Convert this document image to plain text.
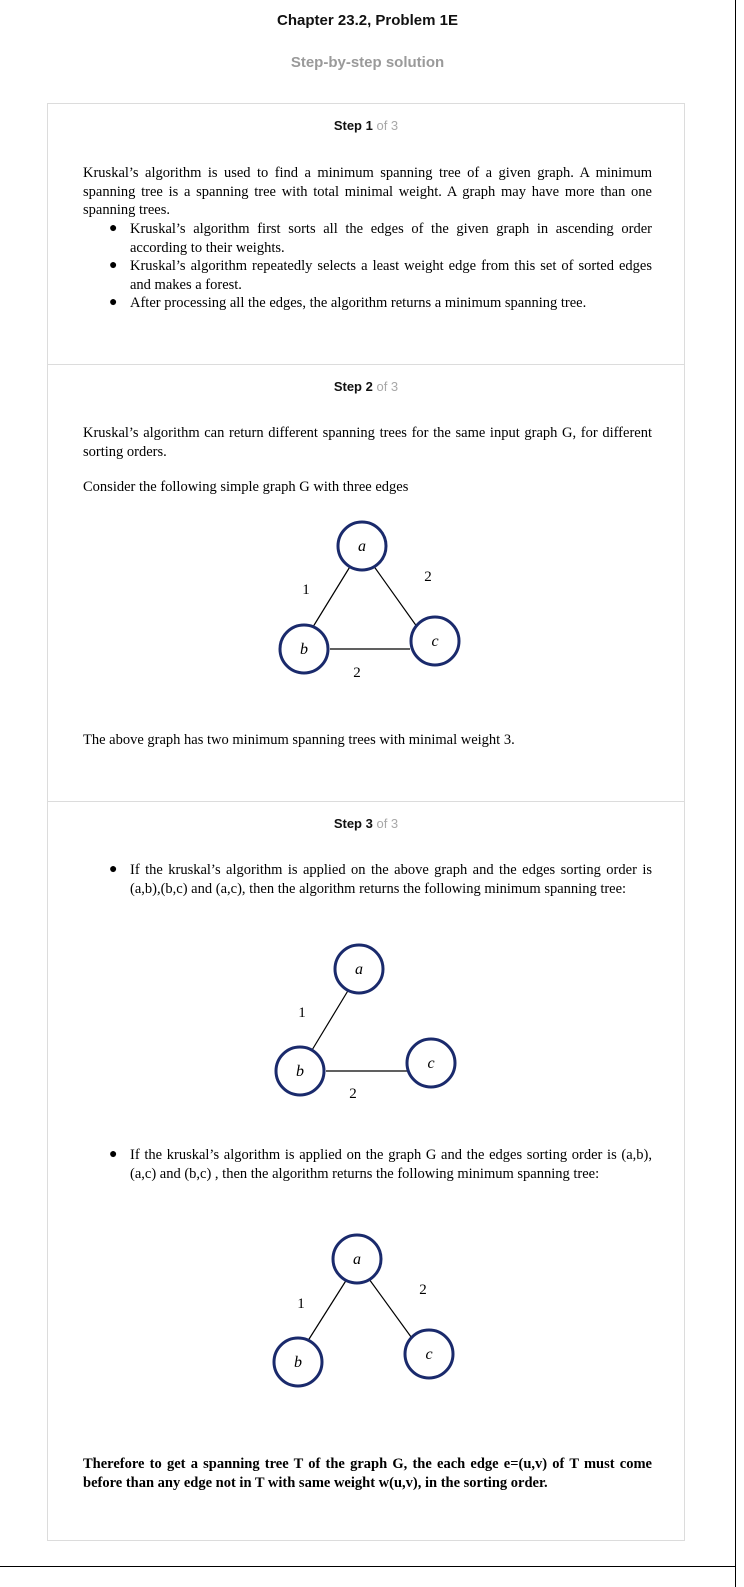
Chapter 23.2, Problem 1E
Step-by-step solution
Step 1 of 3
Kruskal’s algorithm is used to find a minimum spanning tree of a given graph. A minimum spanning tree is a spanning tree with total minimal weight. A graph may have more than one spanning trees.
● Kruskal’s algorithm first sorts all the edges of the given graph in ascending order according to their weights.
● Kruskal’s algorithm repeatedly selects a least weight edge from this set of sorted edges and makes a forest.
● After processing all the edges, the algorithm returns a minimum spanning tree.
Step 2 of 3
Kruskal’s algorithm can return different spanning trees for the same input graph G, for different sorting orders.
Consider the following simple graph G with three edges
a
b	c
1
2
2
The above graph has two minimum spanning trees with minimal weight 3.
Step 3 of 3
● If the kruskal’s algorithm is applied on the above graph and the edges sorting order is (a,b),(b,c) and (a,c), then the algorithm returns the following minimum spanning tree:
a
b	c
1
2
● If the kruskal’s algorithm is applied on the graph G and the edges sorting order is (a,b), (a,c) and (b,c) , then the algorithm returns the following minimum spanning tree:
a
b	c
1
2
Therefore to get a spanning tree T of the graph G, the each edge e=(u,v) of T must come before than any edge not in T with same weight w(u,v), in the sorting order.
